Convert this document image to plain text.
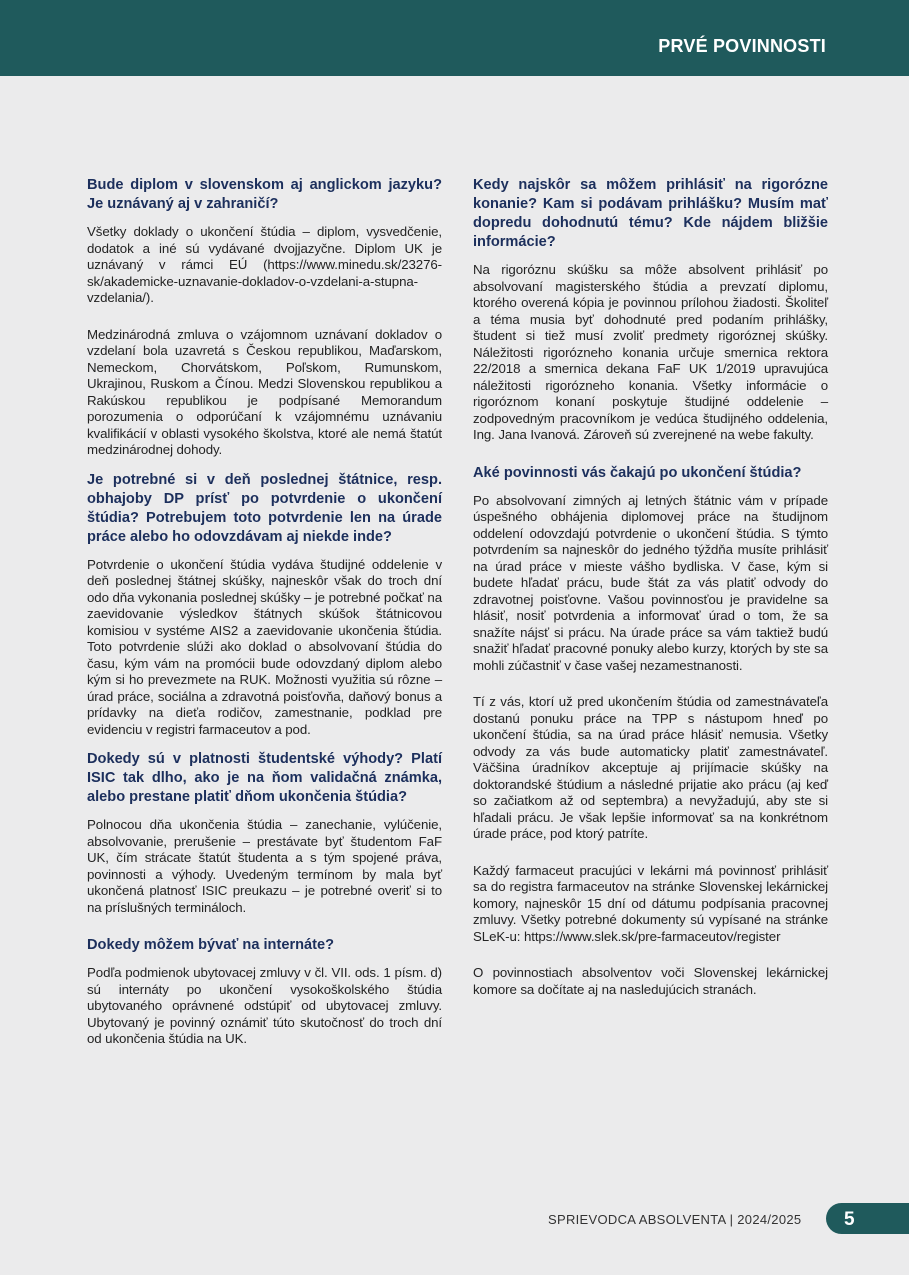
PRVÉ POVINNOSTI
Bude diplom v slovenskom aj anglickom jazyku? Je uznávaný aj v zahraničí?
Všetky doklady o ukončení štúdia – diplom, vysvedčenie, dodatok a iné sú vydávané dvojjazyčne. Diplom UK je uznávaný v rámci EÚ (https://www.minedu.sk/23276-sk/akademicke-uznavanie-dokladov-o-vzdelani-a-stupna-vzdelania/).
Medzinárodná zmluva o vzájomnom uznávaní dokladov o vzdelaní bola uzavretá s Českou republikou, Maďarskom, Nemeckom, Chorvátskom, Poľskom, Rumunskom, Ukrajinou, Ruskom a Čínou. Medzi Slovenskou republikou a Rakúskou republikou je podpísané Memorandum porozumenia o odporúčaní k vzájomnému uznávaniu kvalifikácií v oblasti vysokého školstva, ktoré ale nemá štatút medzinárodnej dohody.
Je potrebné si v deň poslednej štátnice, resp. obhajoby DP prísť po potvrdenie o ukončení štúdia? Potrebujem toto potvrdenie len na úrade práce alebo ho odovzdávam aj niekde inde?
Potvrdenie o ukončení štúdia vydáva študijné oddelenie v deň poslednej štátnej skúšky, najneskôr však do troch dní odo dňa vykonania poslednej skúšky – je potrebné počkať na zaevidovanie výsledkov štátnych skúšok štátnicovou komisiou v systéme AIS2 a zaevidovanie ukončenia štúdia. Toto potvrdenie slúži ako doklad o absolvovaní štúdia do času, kým vám na promócii bude odovzdaný diplom alebo kým si ho prevezmete na RUK. Možnosti využitia sú rôzne – úrad práce, sociálna a zdravotná poisťovňa, daňový bonus a prídavky na dieťa rodičov, zamestnanie, podklad pre evidenciu v registri farmaceutov a pod.
Dokedy sú v platnosti študentské výhody? Platí ISIC tak dlho, ako je na ňom validačná známka, alebo prestane platiť dňom ukončenia štúdia?
Polnocou dňa ukončenia štúdia – zanechanie, vylúčenie, absolvovanie, prerušenie – prestávate byť študentom FaF UK, čím strácate štatút študenta a s tým spojené práva, povinnosti a výhody. Uvedeným termínom by mala byť ukončená platnosť ISIC preukazu – je potrebné overiť si to na príslušných termináloch.
Dokedy môžem bývať na internáte?
Podľa podmienok ubytovacej zmluvy v čl. VII. ods. 1 písm. d) sú internáty po ukončení vysokoškolského štúdia ubytovaného oprávnené odstúpiť od ubytovacej zmluvy. Ubytovaný je povinný oznámiť túto skutočnosť do troch dní od ukončenia štúdia na UK.
Kedy najskôr sa môžem prihlásiť na rigorózne konanie? Kam si podávam prihlášku? Musím mať dopredu dohodnutú tému? Kde nájdem bližšie informácie?
Na rigoróznu skúšku sa môže absolvent prihlásiť po absolvovaní magisterského štúdia a prevzatí diplomu, ktorého overená kópia je povinnou prílohou žiadosti. Školiteľ a téma musia byť dohodnuté pred podaním prihlášky, študent si tiež musí zvoliť predmety rigoróznej skúšky. Náležitosti rigorózneho konania určuje smernica rektora 22/2018 a smernica dekana FaF UK 1/2019 upravujúca náležitosti rigorózneho konania. Všetky informácie o rigoróznom konaní poskytuje študijné oddelenie – zodpovedným pracovníkom je vedúca študijného oddelenia, Ing. Jana Ivanová. Zároveň sú zverejnené na webe fakulty.
Aké povinnosti vás čakajú po ukončení štúdia?
Po absolvovaní zimných aj letných štátnic vám v prípade úspešného obhájenia diplomovej práce na študijnom oddelení odovzdajú potvrdenie o ukončení štúdia. S týmto potvrdením sa najneskôr do jedného týždňa musíte prihlásiť na úrad práce v mieste vášho bydliska. V čase, kým si budete hľadať prácu, bude štát za vás platiť odvody do zdravotnej poisťovne. Vašou povinnosťou je pravidelne sa hlásiť, nosiť potvrdenia a informovať úrad o tom, že sa snažíte nájsť si prácu. Na úrade práce sa vám taktiež budú snažiť hľadať pracovné ponuky alebo kurzy, ktorých by ste sa mohli zúčastniť v čase vašej nezamestnanosti.
Tí z vás, ktorí už pred ukončením štúdia od zamestnávateľa dostanú ponuku práce na TPP s nástupom hneď po ukončení štúdia, sa na úrad práce hlásiť nemusia. Všetky odvody za vás bude automaticky platiť zamestnávateľ. Väčšina úradníkov akceptuje aj prijímacie skúšky na doktorandské štúdium a následné prijatie ako prácu (aj keď so začiatkom až od septembra) a nevyžadujú, aby ste si hľadali prácu. Je však lepšie informovať sa na konkrétnom úrade práce, pod ktorý patríte.
Každý farmaceut pracujúci v lekárni má povinnosť prihlásiť sa do registra farmaceutov na stránke Slovenskej lekárnickej komory, najneskôr 15 dní od dátumu podpísania pracovnej zmluvy. Všetky potrebné dokumenty sú vypísané na stránke SLeK-u: https://www.slek.sk/pre-farmaceutov/register
O povinnostiach absolventov voči Slovenskej lekárnickej komore sa dočítate aj na nasledujúcich stranách.
SPRIEVODCA ABSOLVENTA | 2024/2025 5
